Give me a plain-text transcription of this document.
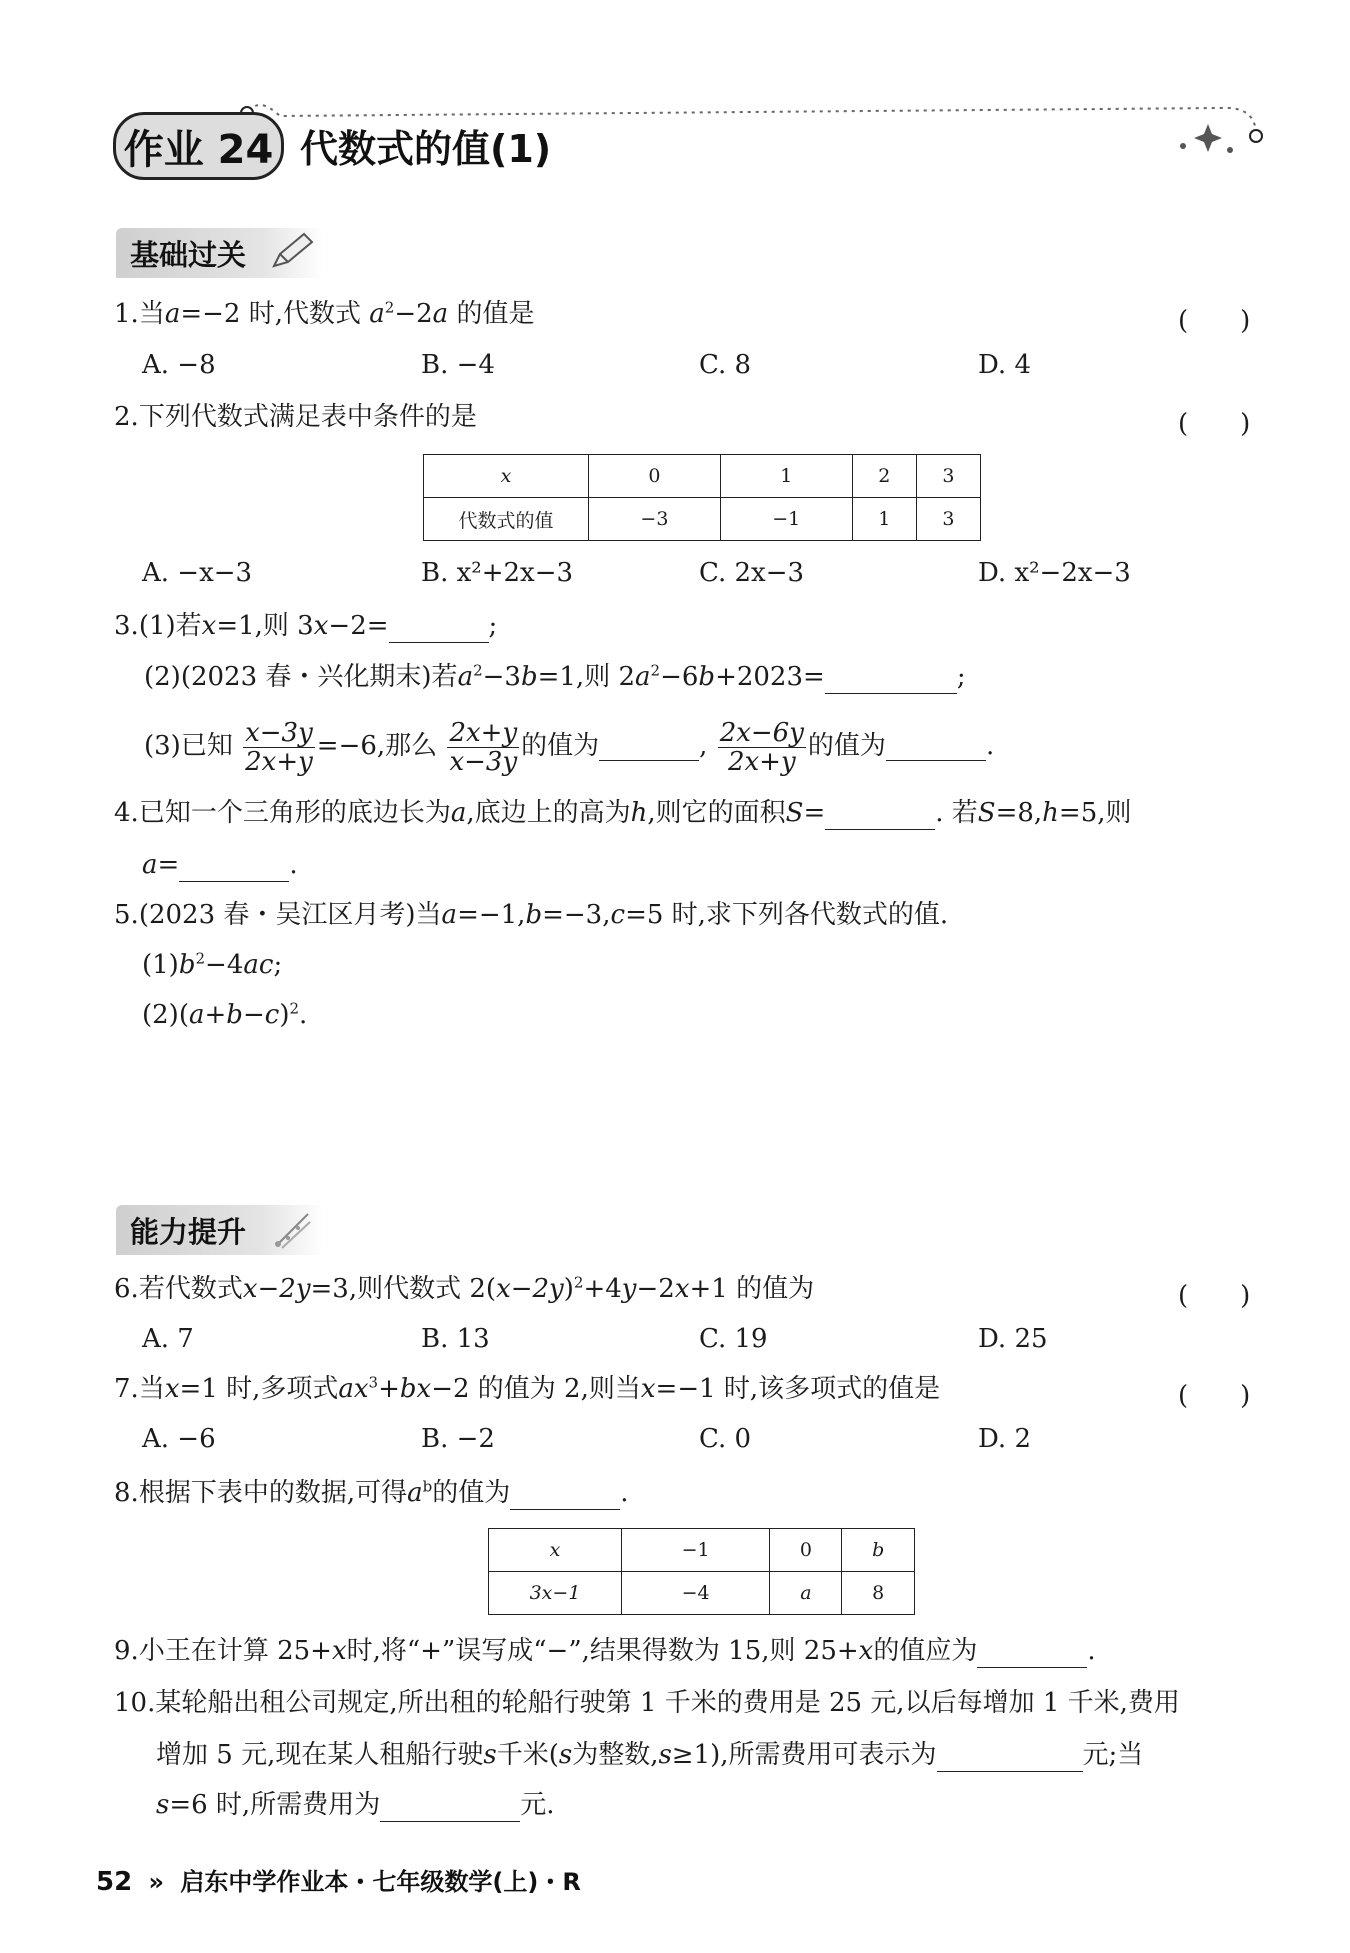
作业 24 代数式的值(1)
基础过关
1.当a=−2 时,代数式 $a^2-2a$ 的值是	(　　)
A. −8	B. −4	C. 8	D. 4
2.下列代数式满足表中条件的是	(　　)
x	0	1	2	3
代数式的值	−3	−1	1	3
A. −x−3	B. x²+2x−3	C. 2x−3	D. x²−2x−3
3.(1)若x=1,则 3x−2=	;
(2)(2023 春・兴化期末)若$a^2-3b=1$,则 $2a^2-6b+2023=$	;
(3)已知 $\frac{x-3y}{2x+y} =-6$,那么 $\frac{2x+y}{x-3y}$ 的值为	, $\frac{2x-6y}{2x+y}$ 的值为	.
4.已知一个三角形的底边长为a,底边上的高为h,则它的面积S=	. 若S=8,h=5,则
a=	.
5.(2023 春・吴江区月考)当a=−1,b=−3,c=5 时,求下列各代数式的值.
$(1)b^2-4ac$;
$(2)(a+b-c)^2$.
能力提升
6.若代数式x−2y=3,则代数式 $2(x-2y)^2+4y-2x+1$ 的值为	(　　)
A. 7	B. 13	C. 19	D. 25
7.当x=1 时,多项式$ax^3+bx-2$ 的值为 2,则当x=−1 时,该多项式的值是	(　　)
A. −6	B. −2	C. 0	D. 2
8.根据下表中的数据,可得$a^b$的值为	.
x	−1	0	b
3x−1	−4	a	8
9.小王在计算 25+x时,将“+”误写成“−”,结果得数为 15,则 25+x的值应为	.
10.某轮船出租公司规定,所出租的轮船行驶第 1 千米的费用是 25 元,以后每增加 1 千米,费用
增加 5 元,现在某人租船行驶s千米(s为整数,s≥1),所需费用可表示为	元;当
s=6 时,所需费用为	元.
52 » 启东中学作业本・七年级数学(上)・R
